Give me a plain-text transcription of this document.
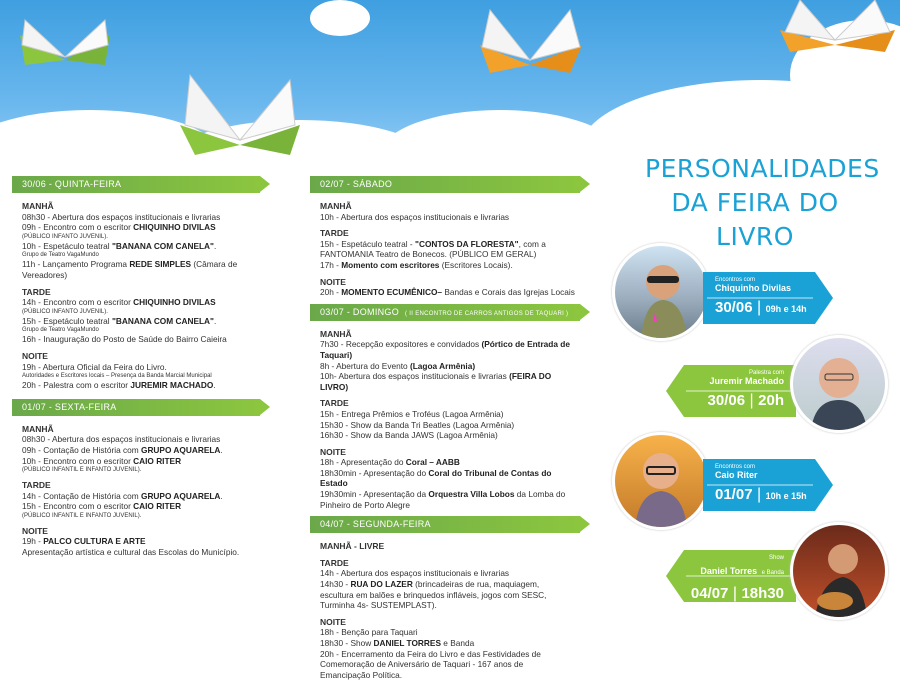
30/06 - QUINTA-FEIRA
MANHÃ
08h30 - Abertura dos espaços institucionais e livrarias
09h - Encontro com o escritor CHIQUINHO DIVILAS
(PÚBLICO INFANTO JUVENIL).
10h - Espetáculo teatral "BANANA COM CANELA".
Grupo de Teatro VagaMundo
11h - Lançamento Programa REDE SIMPLES (Câmara de Vereadores)
TARDE
14h - Encontro com o escritor CHIQUINHO DIVILAS
(PÚBLICO INFANTO JUVENIL).
15h - Espetáculo teatral "BANANA COM CANELA".
Grupo de Teatro VagaMundo
16h - Inauguração do Posto de Saúde do Bairro Caieira
NOITE
19h - Abertura Oficial da Feira do Livro.
Autoridades e Escritores locais – Presença da Banda Marcial Municipal
20h - Palestra com o escritor JUREMIR MACHADO.
01/07 - SEXTA-FEIRA
MANHÃ
08h30 - Abertura dos espaços institucionais e livrarias
09h - Contação de História com GRUPO AQUARELA.
10h - Encontro com o escritor CAIO RITER
(PÚBLICO INFANTIL E INFANTO JUVENIL).
TARDE
14h - Contação de História com GRUPO AQUARELA.
15h - Encontro com o escritor CAIO RITER
(PÚBLICO INFANTIL E INFANTO JUVENIL).
NOITE
19h - PALCO CULTURA E ARTE
Apresentação artística e cultural das Escolas do Município.
02/07 - SÁBADO
MANHÃ
10h - Abertura dos espaços institucionais e livrarias
TARDE
15h - Espetáculo teatral - "CONTOS DA FLORESTA", com a
FANTOMANIA Teatro de Bonecos. (PÚBLICO EM GERAL)
17h - Momento com escritores (Escritores Locais).
NOITE
20h - MOMENTO ECUMÊNICO– Bandas e Corais das Igrejas Locais
03/07 - DOMINGO ( II ENCONTRO DE CARROS ANTIGOS DE TAQUARI )
MANHÃ
7h30 - Recepção expositores e convidados (Pórtico de Entrada de Taquari)
8h - Abertura do Evento (Lagoa Armênia)
10h- Abertura dos espaços institucionais e livrarias (FEIRA DO LIVRO)
TARDE
15h - Entrega Prêmios e Troféus (Lagoa Armênia)
15h30 - Show da Banda Tri Beatles (Lagoa Armênia)
16h30 - Show da Banda JAWS (Lagoa Armênia)
NOITE
18h - Apresentação do Coral – AABB
18h30min - Apresentação do Coral do Tribunal de Contas do Estado
19h30min - Apresentação da Orquestra Villa Lobos da Lomba do
Pinheiro de Porto Alegre
04/07 - SEGUNDA-FEIRA
MANHÃ - LIVRE
TARDE
14h - Abertura dos espaços institucionais e livrarias
14h30 - RUA DO LAZER (brincadeiras de rua, maquiagem,
escultura em balões e brinquedos infláveis, jogos com SESC,
Turminha 4s- SUSTEMPLAST).
NOITE
18h - Benção para Taquari
18h30 - Show DANIEL TORRES e Banda
20h - Encerramento da Feira do Livro e das Festividades de
Comemoração de Aniversário de Taquari - 167 anos de
Emancipação Política.
PERSONALIDADES
DA FEIRA DO LIVRO
k
Encontros com
Chiquinho Divilas
30/06 | 09h e 14h
Palestra com
Juremir Machado
30/06 | 20h
Encontros com
Caio Riter
01/07 | 10h e 15h
Show
Daniel Torres e Banda
04/07 | 18h30
